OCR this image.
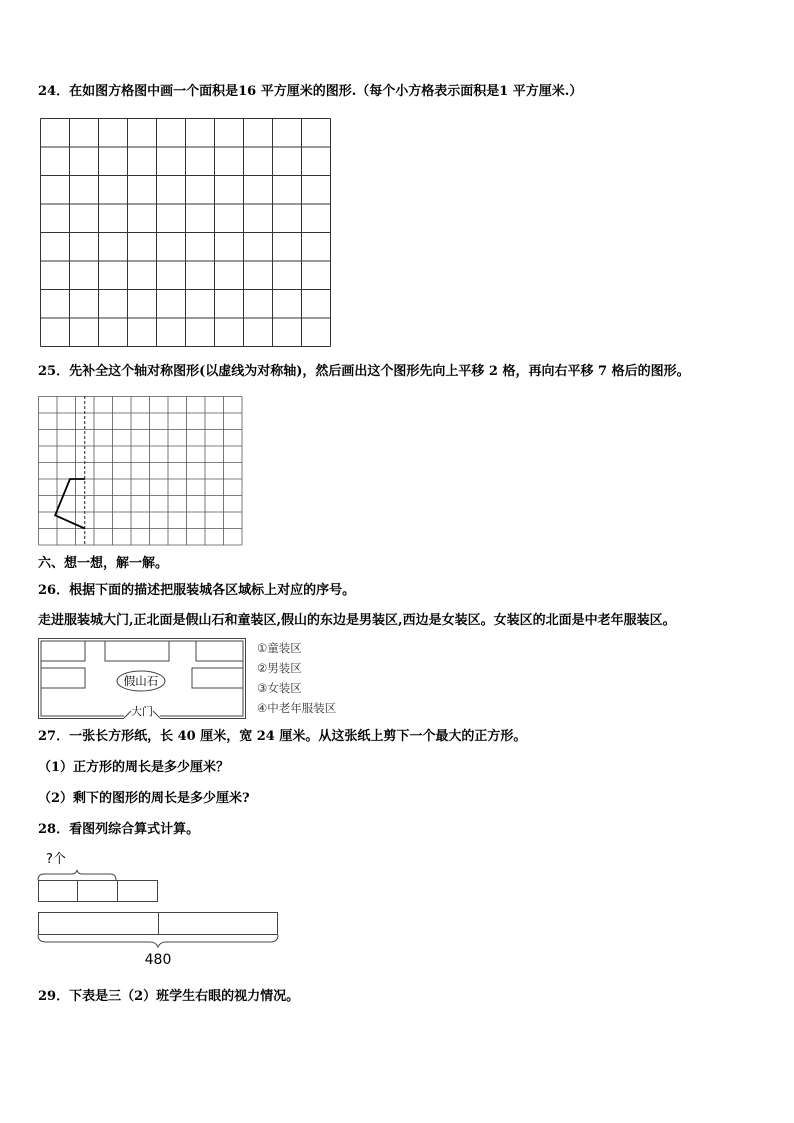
24．在如图方格图中画一个面积是16 平方厘米的图形.（每个小方格表示面积是1 平方厘米.）
25．先补全这个轴对称图形(以虚线为对称轴)，然后画出这个图形先向上平移 2 格，再向右平移 7 格后的图形。
六、想一想，解一解。
26．根据下面的描述把服装城各区域标上对应的序号。
走进服装城大门,正北面是假山石和童装区,假山的东边是男装区,西边是女装区。女装区的北面是中老年服装区。
假山石
大门
①童装区
②男装区
③女装区
④中老年服装区
27．一张长方形纸，长 40 厘米，宽 24 厘米。从这张纸上剪下一个最大的正方形。
（1）正方形的周长是多少厘米？
（2）剩下的图形的周长是多少厘米?
28．看图列综合算式计算。
?个
480
29．下表是三（2）班学生右眼的视力情况。
